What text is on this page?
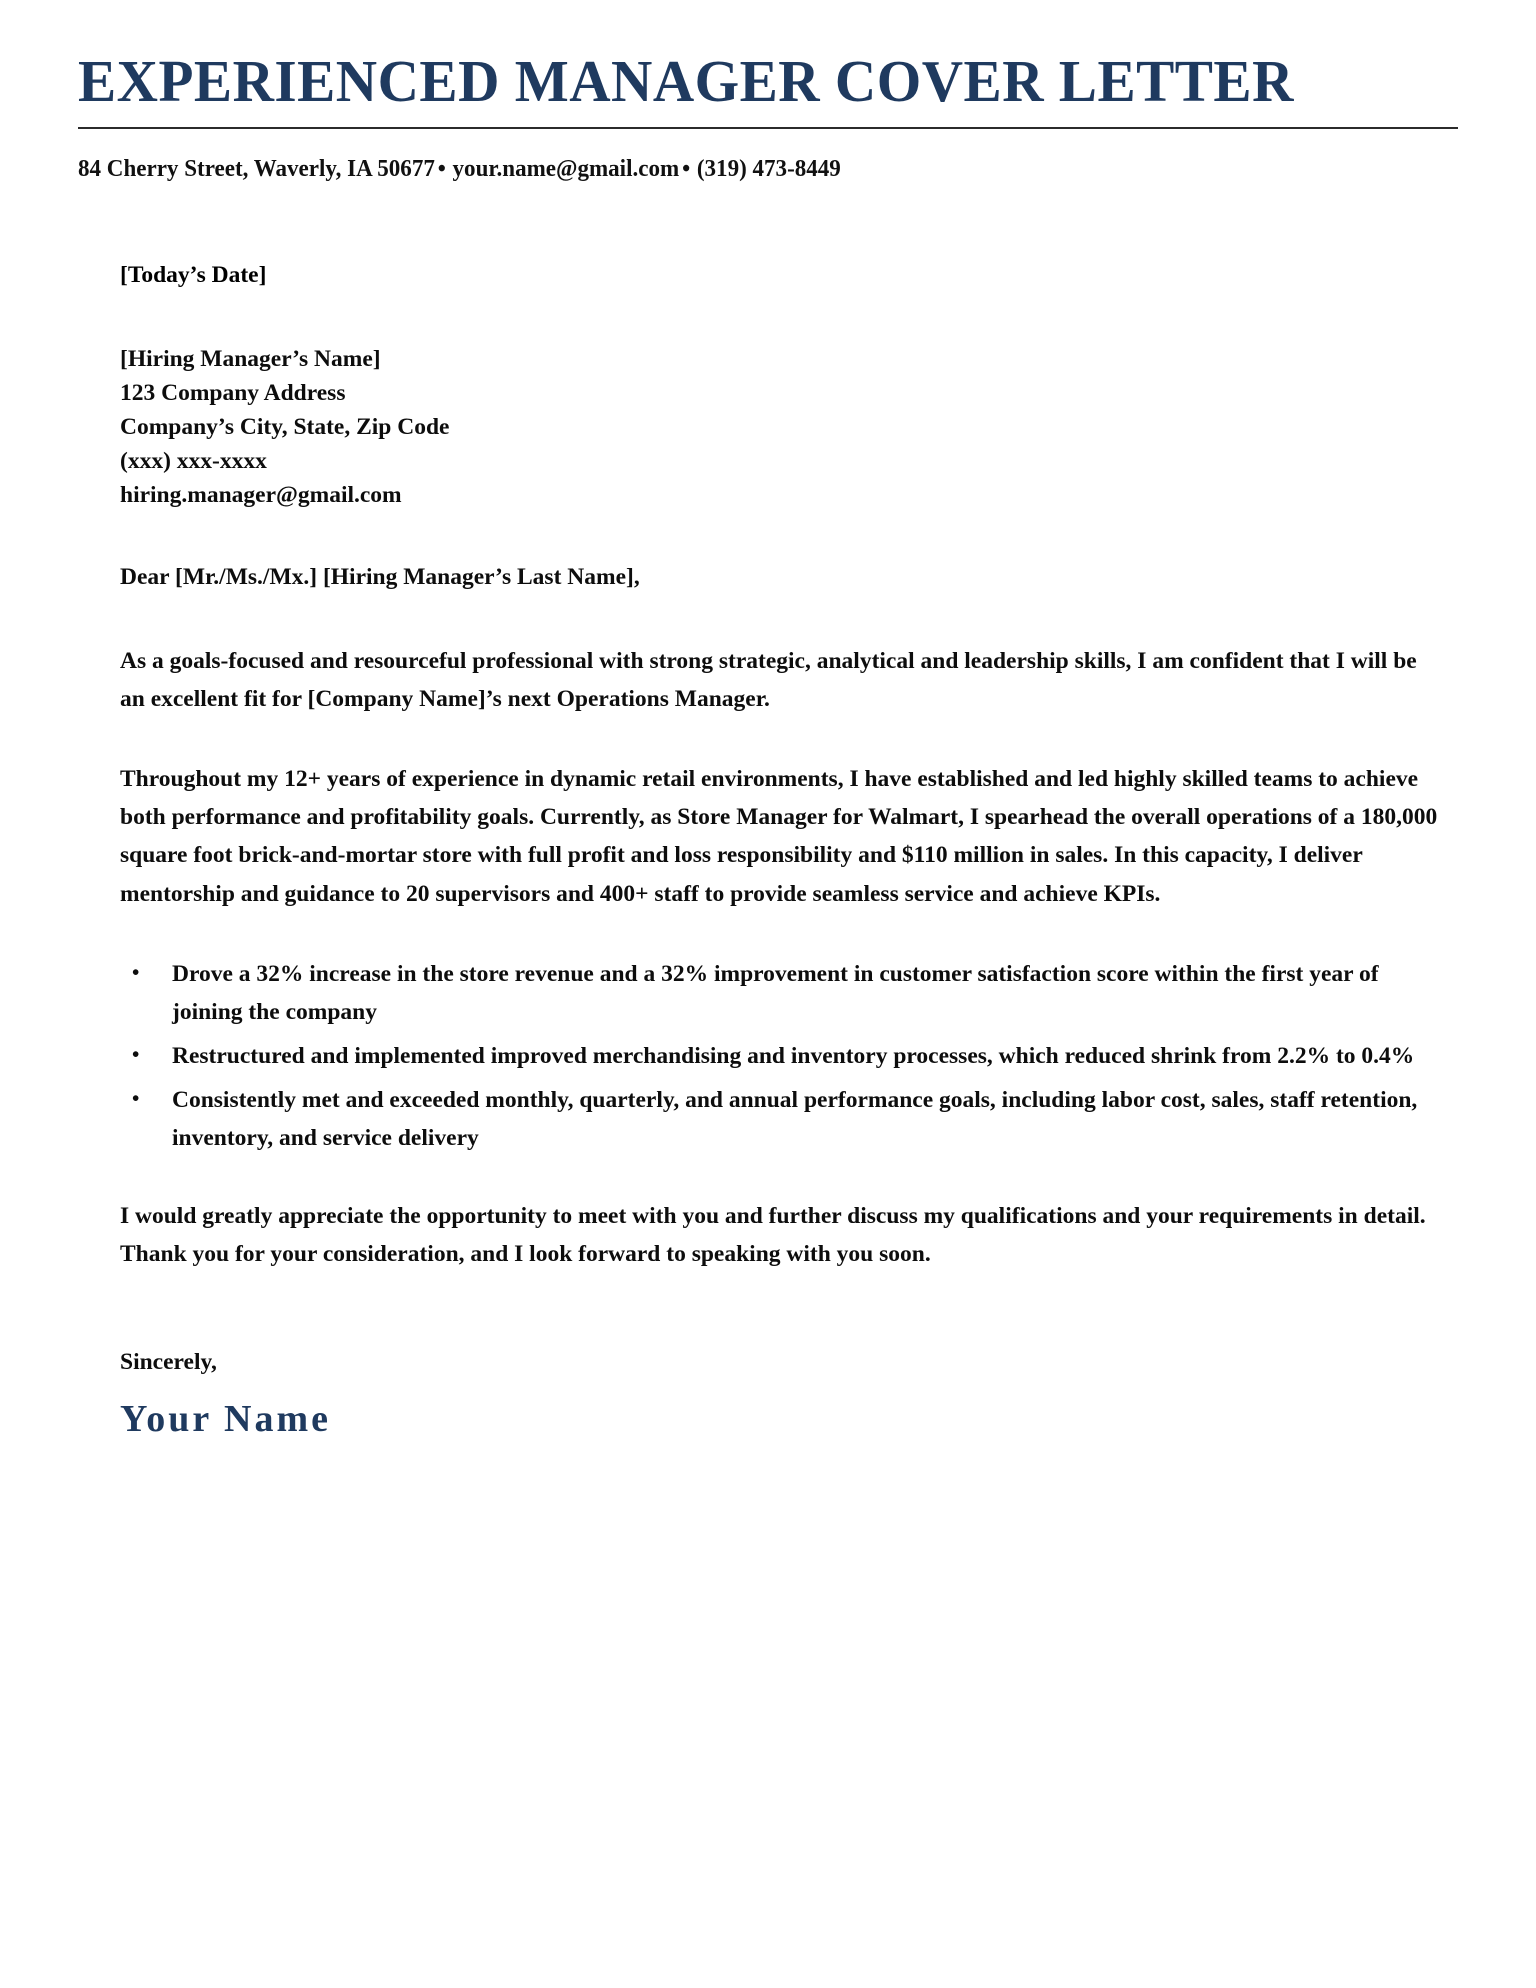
EXPERIENCED MANAGER COVER LETTER
84 Cherry Street, Waverly, IA 50677 • your.name@gmail.com • (319) 473-8449
[Today’s Date]
[Hiring Manager’s Name]
123 Company Address
Company’s City, State, Zip Code
(xxx) xxx-xxxx
hiring.manager@gmail.com
Dear [Mr./Ms./Mx.] [Hiring Manager’s Last Name],

As a goals-focused and resourceful professional with strong strategic, analytical and leadership skills, I am confident that I will be an excellent fit for [Company Name]’s next Operations Manager.

Throughout my 12+ years of experience in dynamic retail environments, I have established and led highly skilled teams to achieve both performance and profitability goals. Currently, as Store Manager for Walmart, I spearhead the overall operations of a 180,000 square foot brick-and-mortar store with full profit and loss responsibility and $110 million in sales. In this capacity, I deliver mentorship and guidance to 20 supervisors and 400+ staff to provide seamless service and achieve KPIs.

• Drove a 32% increase in the store revenue and a 32% improvement in customer satisfaction score within the first year of joining the company
• Restructured and implemented improved merchandising and inventory processes, which reduced shrink from 2.2% to 0.4%
• Consistently met and exceeded monthly, quarterly, and annual performance goals, including labor cost, sales, staff retention, inventory, and service delivery

I would greatly appreciate the opportunity to meet with you and further discuss my qualifications and your requirements in detail. Thank you for your consideration, and I look forward to speaking with you soon.

Sincerely,
Your Name
